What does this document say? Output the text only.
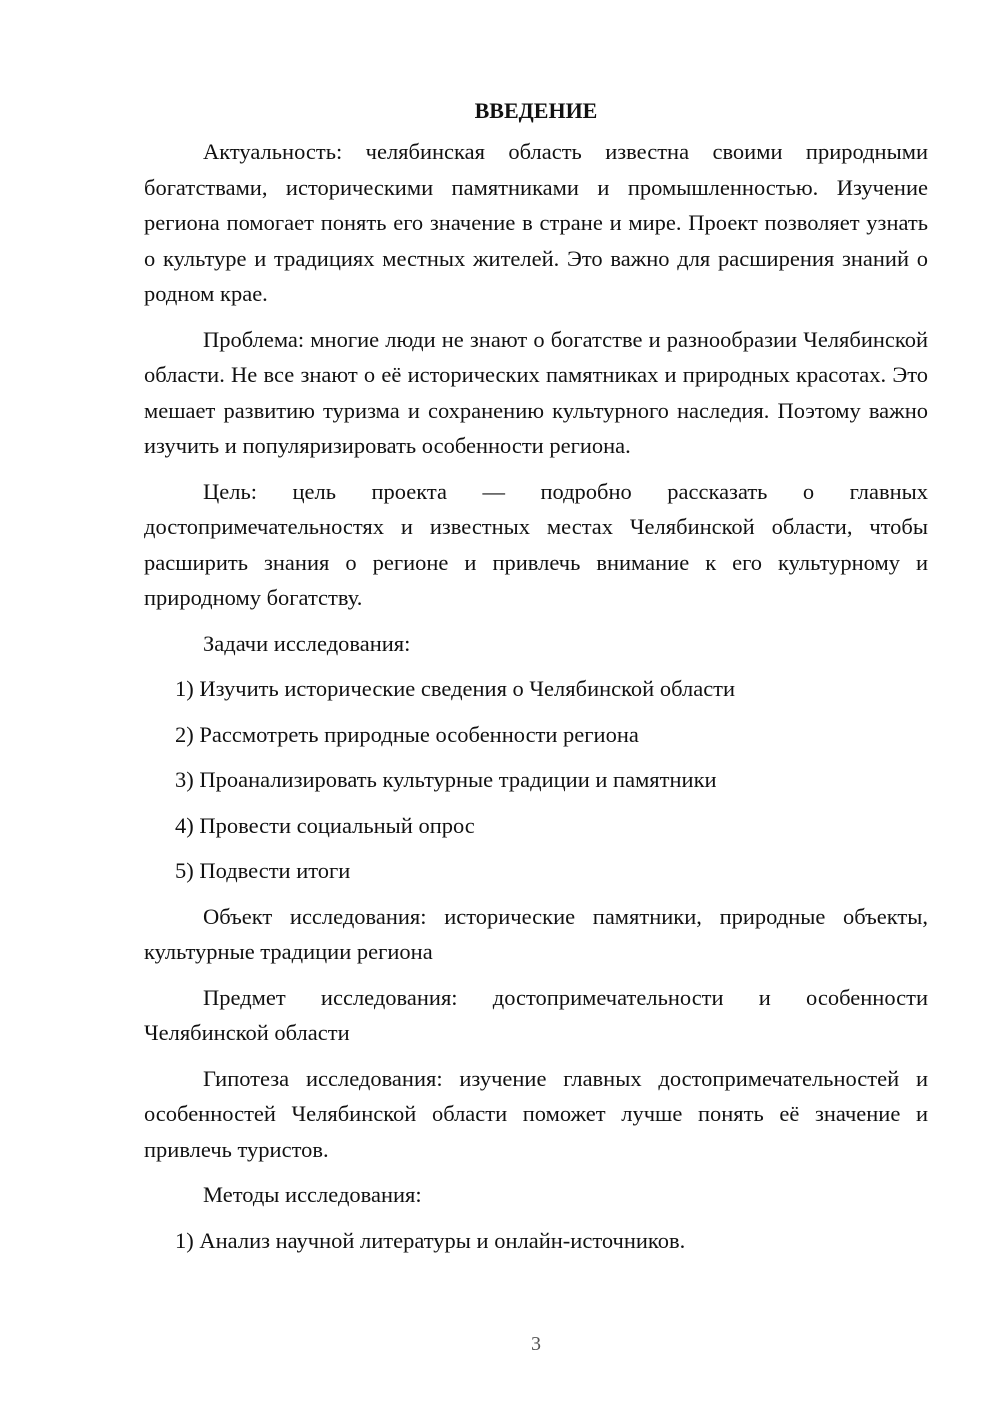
ВВЕДЕНИЕ

Актуальность: челябинская область известна своими природными богатствами, историческими памятниками и промышленностью. Изучение региона помогает понять его значение в стране и мире. Проект позволяет узнать о культуре и традициях местных жителей. Это важно для расширения знаний о родном крае.

Проблема: многие люди не знают о богатстве и разнообразии Челябинской области. Не все знают о её исторических памятниках и природных красотах. Это мешает развитию туризма и сохранению культурного наследия. Поэтому важно изучить и популяризировать особенности региона.

Цель: цель проекта — подробно рассказать о главных достопримечательностях и известных местах Челябинской области, чтобы расширить знания о регионе и привлечь внимание к его культурному и природному богатству.

Задачи исследования:

1) Изучить исторические сведения о Челябинской области

2) Рассмотреть природные особенности региона

3) Проанализировать культурные традиции и памятники

4) Провести социальный опрос

5) Подвести итоги

Объект исследования: исторические памятники, природные объекты, культурные традиции региона

Предмет исследования: достопримечательности и особенности Челябинской области

Гипотеза исследования: изучение главных достопримечательностей и особенностей Челябинской области поможет лучше понять её значение и привлечь туристов.

Методы исследования:

1) Анализ научной литературы и онлайн-источников.

3
